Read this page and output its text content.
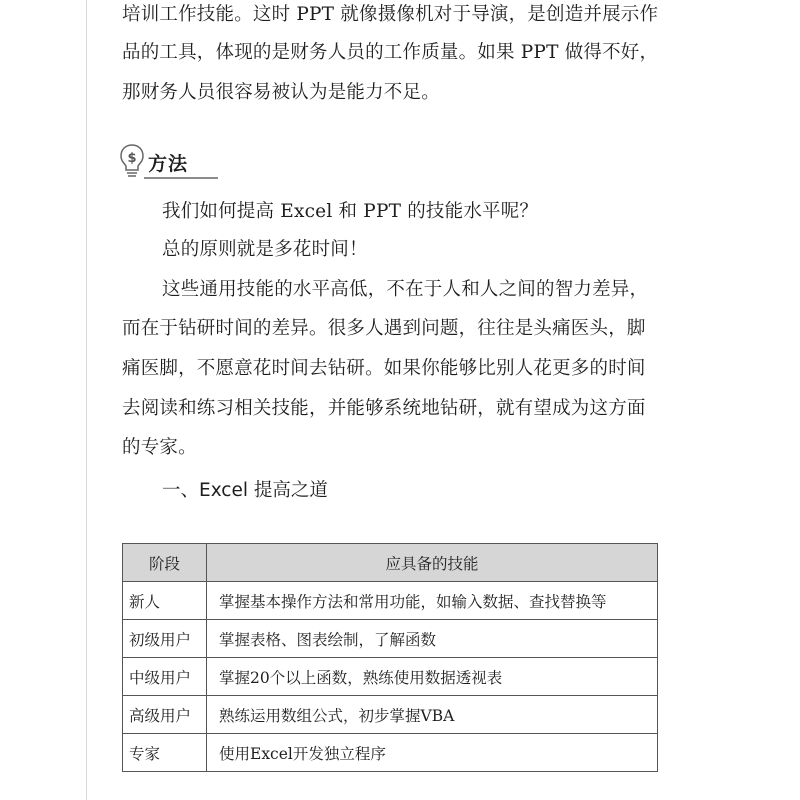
培训工作技能。这时 PPT 就像摄像机对于导演，是创造并展示作

品的工具，体现的是财务人员的工作质量。如果 PPT 做得不好，

那财务人员很容易被认为是能力不足。

$ 方法

我们如何提高 Excel 和 PPT 的技能水平呢？

总的原则就是多花时间！

这些通用技能的水平高低，不在于人和人之间的智力差异，

而在于钻研时间的差异。很多人遇到问题，往往是头痛医头，脚

痛医脚，不愿意花时间去钻研。如果你能够比别人花更多的时间

去阅读和练习相关技能，并能够系统地钻研，就有望成为这方面

的专家。

一、Excel 提高之道
阶段	应具备的技能
新人	掌握基本操作方法和常用功能，如输入数据、查找替换等
初级用户	掌握表格、图表绘制，了解函数
中级用户	掌握20个以上函数，熟练使用数据透视表
高级用户	熟练运用数组公式，初步掌握VBA
专家	使用Excel开发独立程序
